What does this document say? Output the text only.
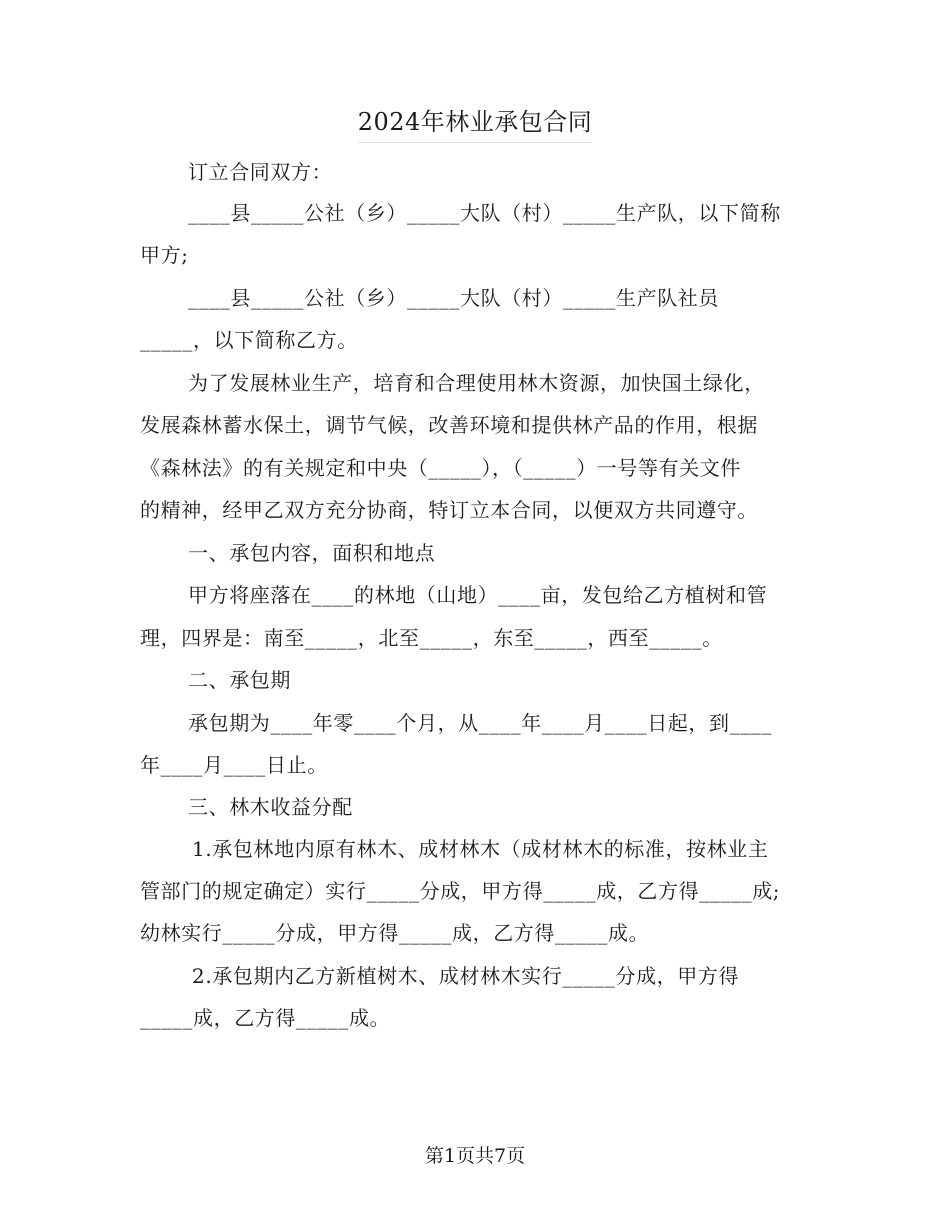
2024年林业承包合同
订立合同双方：
____县_____公社（乡）_____大队（村）_____生产队，以下简称
甲方;
____县_____公社（乡）_____大队（村）_____生产队社员
_____，以下简称乙方。
为了发展林业生产，培育和合理使用林木资源，加快国土绿化，
发展森林蓄水保土，调节气候，改善环境和提供林产品的作用，根据
《森林法》的有关规定和中央（_____），（_____）一号等有关文件
的精神，经甲乙双方充分协商，特订立本合同，以便双方共同遵守。
一、承包内容，面积和地点
甲方将座落在____的林地（山地）____亩，发包给乙方植树和管
理，四界是：南至_____，北至_____，东至_____，西至_____。
二、承包期
承包期为____年零____个月，从____年____月____日起，到____
年____月____日止。
三、林木收益分配
1.承包林地内原有林木、成材林木（成材林木的标准，按林业主
管部门的规定确定）实行_____分成，甲方得_____成，乙方得_____成;
幼林实行_____分成，甲方得_____成，乙方得_____成。
2.承包期内乙方新植树木、成材林木实行_____分成，甲方得
_____成，乙方得_____成。
第1页共7页
